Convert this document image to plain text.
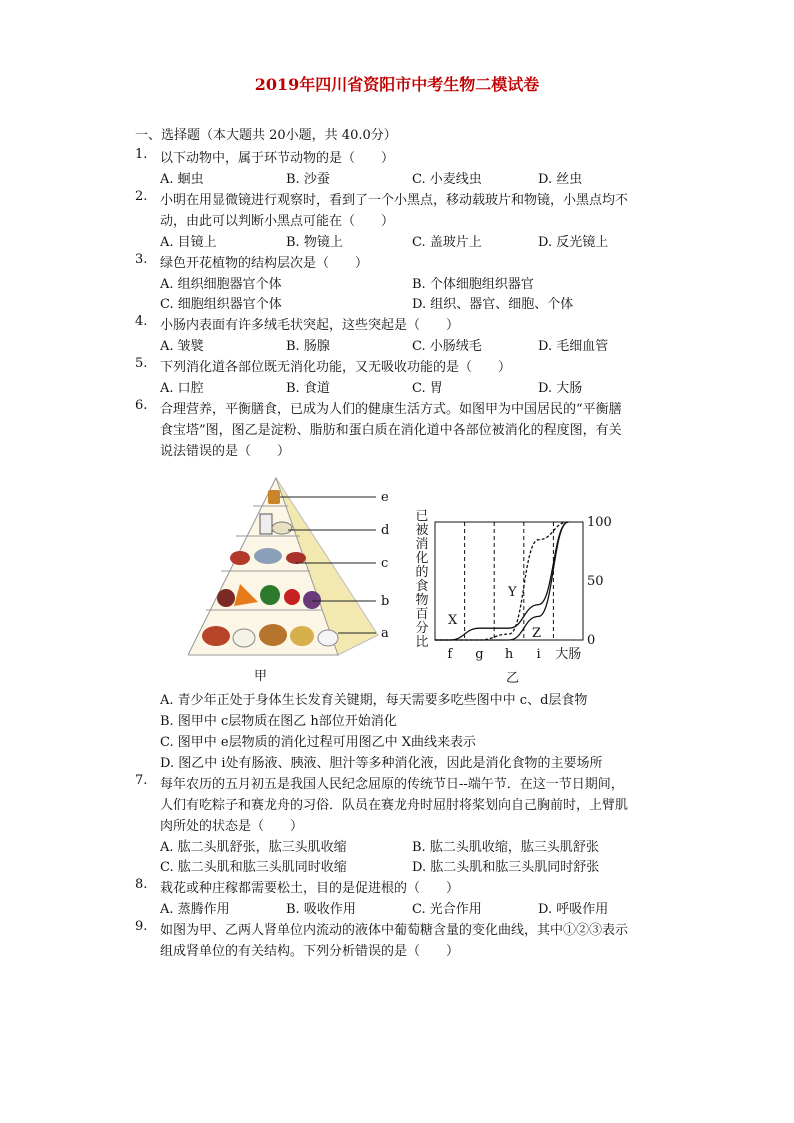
2019年四川省资阳市中考生物二模试卷
一、选择题（本大题共 20小题，共 40.0分）
1. 以下动物中，属于环节动物的是（　　）
A. 蛔虫	B. 沙蚕	C. 小麦线虫	D. 丝虫
2. 小明在用显微镜进行观察时，看到了一个小黑点，移动载玻片和物镜，小黑点均不
动，由此可以判断小黑点可能在（　　）
A. 目镜上	B. 物镜上	C. 盖玻片上	D. 反光镜上
3. 绿色开花植物的结构层次是（　　）
A. 组织细胞器官个体	B. 个体细胞组织器官
C. 细胞组织器官个体	D. 组织、器官、细胞、个体
4. 小肠内表面有许多绒毛状突起，这些突起是（　　）
A. 皱襞	B. 肠腺	C. 小肠绒毛	D. 毛细血管
5. 下列消化道各部位既无消化功能，又无吸收功能的是（　　）
A. 口腔	B. 食道	C. 胃	D. 大肠
6. 合理营养，平衡膳食，已成为人们的健康生活方式。如图甲为中国居民的“平衡膳
食宝塔”图，图乙是淀粉、脂肪和蛋白质在消化道中各部位被消化的程度图，有关
说法错误的是（　　）
e
d
c
b
a
甲
已
被
消
化
的
食
物
百
分
比
100
50
0
f g h i 大肠
X
Y
Z
乙
A. 青少年正处于身体生长发育关键期，每天需要多吃些图中中 c、d层食物
B. 图甲中 c层物质在图乙 h部位开始消化
C. 图甲中 e层物质的消化过程可用图乙中 X曲线来表示
D. 图乙中 i处有肠液、胰液、胆汁等多种消化液，因此是消化食物的主要场所
7. 每年农历的五月初五是我国人民纪念屈原的传统节日--端午节．在这一节日期间，
人们有吃粽子和赛龙舟的习俗．队员在赛龙舟时屈肘将桨划向自己胸前时，上臂肌
肉所处的状态是（　　）
A. 肱二头肌舒张，肱三头肌收缩	B. 肱二头肌收缩，肱三头肌舒张
C. 肱二头肌和肱三头肌同时收缩	D. 肱二头肌和肱三头肌同时舒张
8. 栽花或种庄稼都需要松土，目的是促进根的（　　）
A. 蒸腾作用	B. 吸收作用	C. 光合作用	D. 呼吸作用
9. 如图为甲、乙两人肾单位内流动的液体中葡萄糖含量的变化曲线，其中①②③表示
组成肾单位的有关结构。下列分析错误的是（　　）
